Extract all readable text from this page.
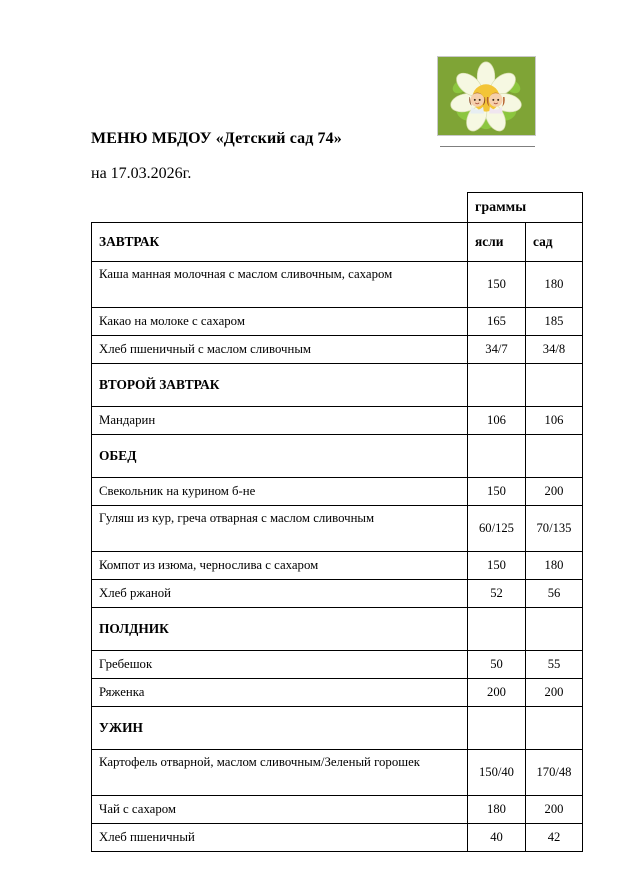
МЕНЮ МБДОУ «Детский сад 74»
на 17.03.2026г.
	граммы	
ЗАВТРАК	ясли	сад
Каша манная молочная с маслом сливочным, сахаром	150	180
Какао на молоке с сахаром	165	185
Хлеб пшеничный с маслом сливочным	34/7	34/8
ВТОРОЙ ЗАВТРАК		
Мандарин	106	106
ОБЕД		
Свекольник на курином б-не	150	200
Гуляш из кур, греча отварная с маслом сливочным	60/125	70/135
Компот из изюма, чернослива с сахаром	150	180
Хлеб ржаной	52	56
ПОЛДНИК		
Гребешок	50	55
Ряженка	200	200
УЖИН		
Картофель отварной, маслом сливочным/Зеленый горошек	150/40	170/48
Чай с сахаром	180	200
Хлеб пшеничный	40	42
